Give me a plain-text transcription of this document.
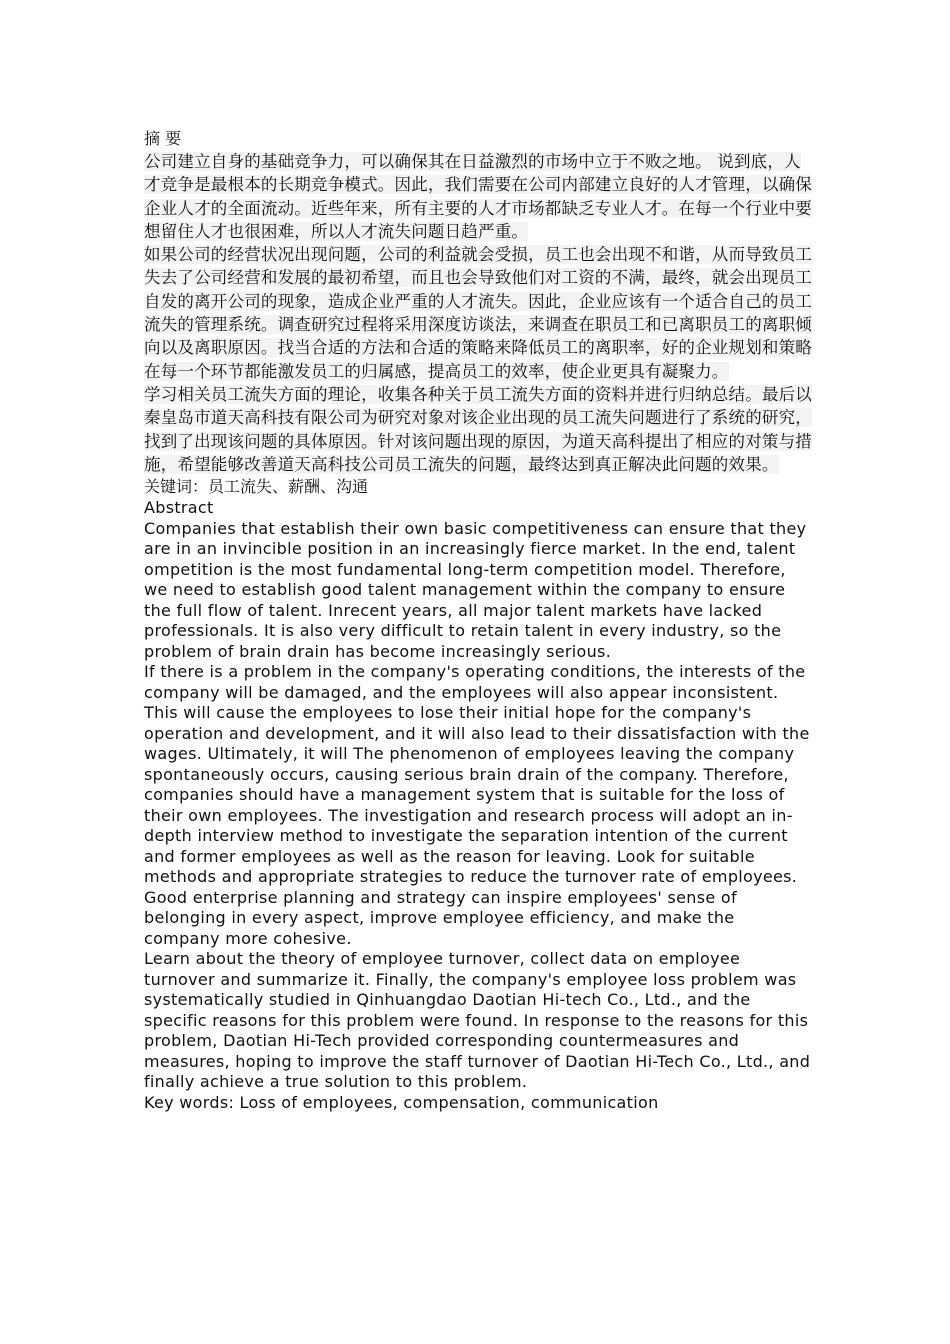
摘 要

公司建立自身的基础竞争力，可以确保其在日益激烈的市场中立于不败之地。 说到底，人才竞争是最根本的长期竞争模式。因此，我们需要在公司内部建立良好的人才管理，以确保企业人才的全面流动。近些年来，所有主要的人才市场都缺乏专业人才。在每一个行业中要想留住人才也很困难，所以人才流失问题日趋严重。

如果公司的经营状况出现问题，公司的利益就会受损，员工也会出现不和谐，从而导致员工失去了公司经营和发展的最初希望，而且也会导致他们对工资的不满，最终，就会出现员工自发的离开公司的现象，造成企业严重的人才流失。因此，企业应该有一个适合自己的员工流失的管理系统。调查研究过程将采用深度访谈法，来调查在职员工和已离职员工的离职倾向以及离职原因。找当合适的方法和合适的策略来降低员工的离职率，好的企业规划和策略在每一个环节都能激发员工的归属感，提高员工的效率，使企业更具有凝聚力。

学习相关员工流失方面的理论，收集各种关于员工流失方面的资料并进行归纳总结。最后以秦皇岛市道天高科技有限公司为研究对象对该企业出现的员工流失问题进行了系统的研究，找到了出现该问题的具体原因。针对该问题出现的原因，为道天高科提出了相应的对策与措施，希望能够改善道天高科技公司员工流失的问题，最终达到真正解决此问题的效果。

关键词：员工流失、薪酬、沟通

Abstract

Companies that establish their own basic competitiveness can ensure that they are in an invincible position in an increasingly fierce market. In the end, talent ompetition is the most fundamental long-term competition model. Therefore, we need to establish good talent management within the company to ensure the full flow of talent. Inrecent years, all major talent markets have lacked professionals. It is also very difficult to retain talent in every industry, so the problem of brain drain has become increasingly serious.

If there is a problem in the company's operating conditions, the interests of the company will be damaged, and the employees will also appear inconsistent. This will cause the employees to lose their initial hope for the company's operation and development, and it will also lead to their dissatisfaction with the wages. Ultimately, it will The phenomenon of employees leaving the company spontaneously occurs, causing serious brain drain of the company. Therefore, companies should have a management system that is suitable for the loss of their own employees. The investigation and research process will adopt an in-depth interview method to investigate the separation intention of the current and former employees as well as the reason for leaving. Look for suitable methods and appropriate strategies to reduce the turnover rate of employees. Good enterprise planning and strategy can inspire employees' sense of belonging in every aspect, improve employee efficiency, and make the company more cohesive.

Learn about the theory of employee turnover, collect data on employee turnover and summarize it. Finally, the company's employee loss problem was systematically studied in Qinhuangdao Daotian Hi-tech Co., Ltd., and the specific reasons for this problem were found. In response to the reasons for this problem, Daotian Hi-Tech provided corresponding countermeasures and measures, hoping to improve the staff turnover of Daotian Hi-Tech Co., Ltd., and finally achieve a true solution to this problem.

Key words: Loss of employees, compensation, communication
